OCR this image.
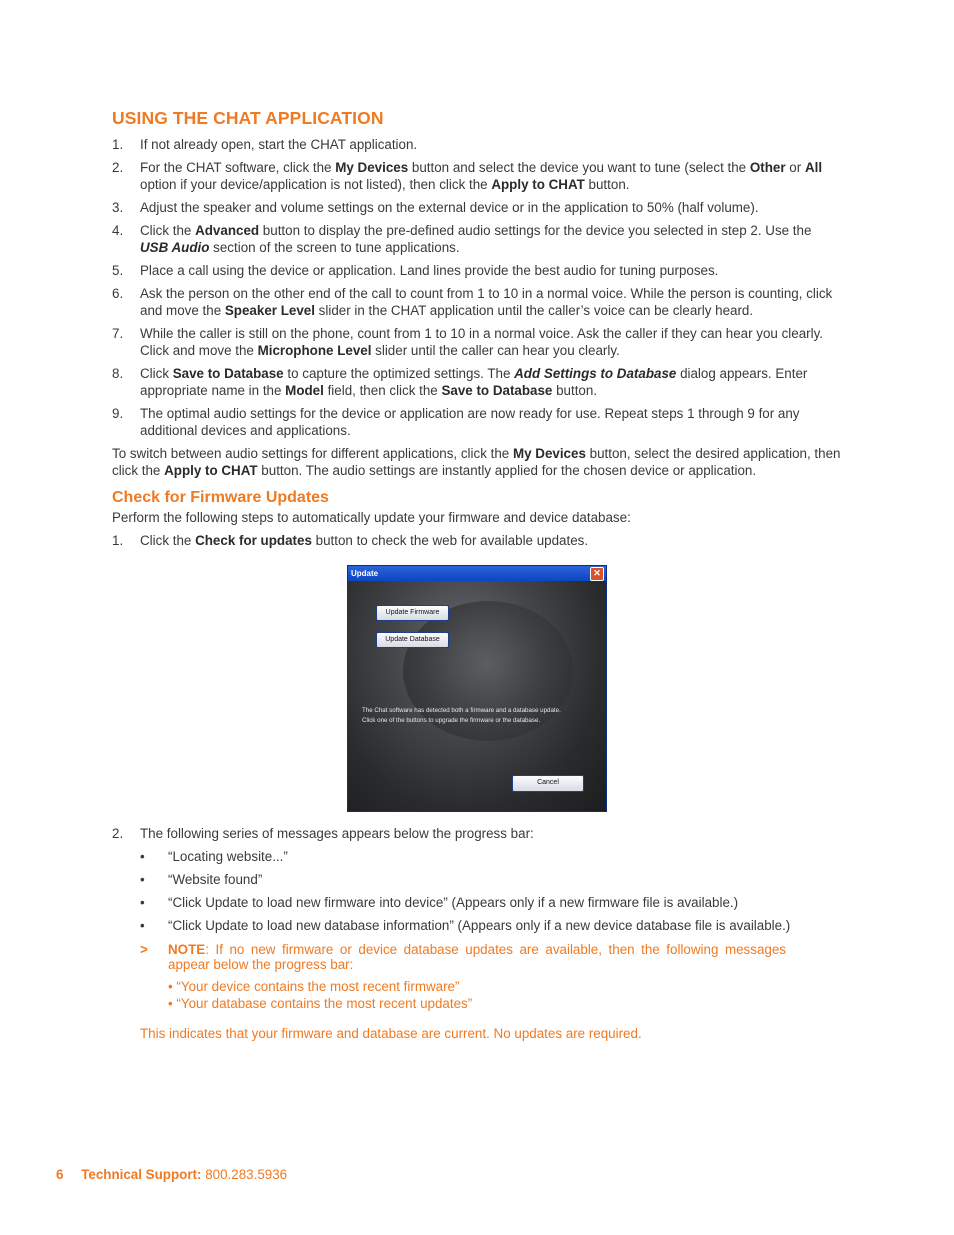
USING THE CHAT APPLICATION
1. If not already open, start the CHAT application.
2. For the CHAT software, click the My Devices button and select the device you want to tune (select the Other or All option if your device/application is not listed), then click the Apply to CHAT button.
3. Adjust the speaker and volume settings on the external device or in the application to 50% (half volume).
4. Click the Advanced button to display the pre-defined audio settings for the device you selected in step 2. Use the USB Audio section of the screen to tune applications.
5. Place a call using the device or application. Land lines provide the best audio for tuning purposes.
6. Ask the person on the other end of the call to count from 1 to 10 in a normal voice. While the person is counting, click and move the Speaker Level slider in the CHAT application until the caller’s voice can be clearly heard.
7. While the caller is still on the phone, count from 1 to 10 in a normal voice. Ask the caller if they can hear you clearly. Click and move the Microphone Level slider until the caller can hear you clearly.
8. Click Save to Database to capture the optimized settings. The Add Settings to Database dialog appears. Enter appropriate name in the Model field, then click the Save to Database button.
9. The optimal audio settings for the device or application are now ready for use. Repeat steps 1 through 9 for any additional devices and applications.

To switch between audio settings for different applications, click the My Devices button, select the desired application, then click the Apply to CHAT button. The audio settings are instantly applied for the chosen device or application.

Check for Firmware Updates

Perform the following steps to automatically update your firmware and device database:

1. Click the Check for updates button to check the web for available updates.
Update	✕
Update Firmware
Update Database
The Chat software has detected both a firmware and a database update.
Click one of the buttons to upgrade the firmware or the database.
Cancel
2. The following series of messages appears below the progress bar:
• “Locating website...”
• “Website found”
• “Click Update to load new firmware into device” (Appears only if a new firmware file is available.)
• “Click Update to load new database information” (Appears only if a new device database file is available.)
> NOTE: If no new firmware or device database updates are available, then the following messages appear below the progress bar:
• “Your device contains the most recent firmware”
• “Your database contains the most recent updates”
This indicates that your firmware and database are current. No updates are required.
6 Technical Support: 800.283.5936
